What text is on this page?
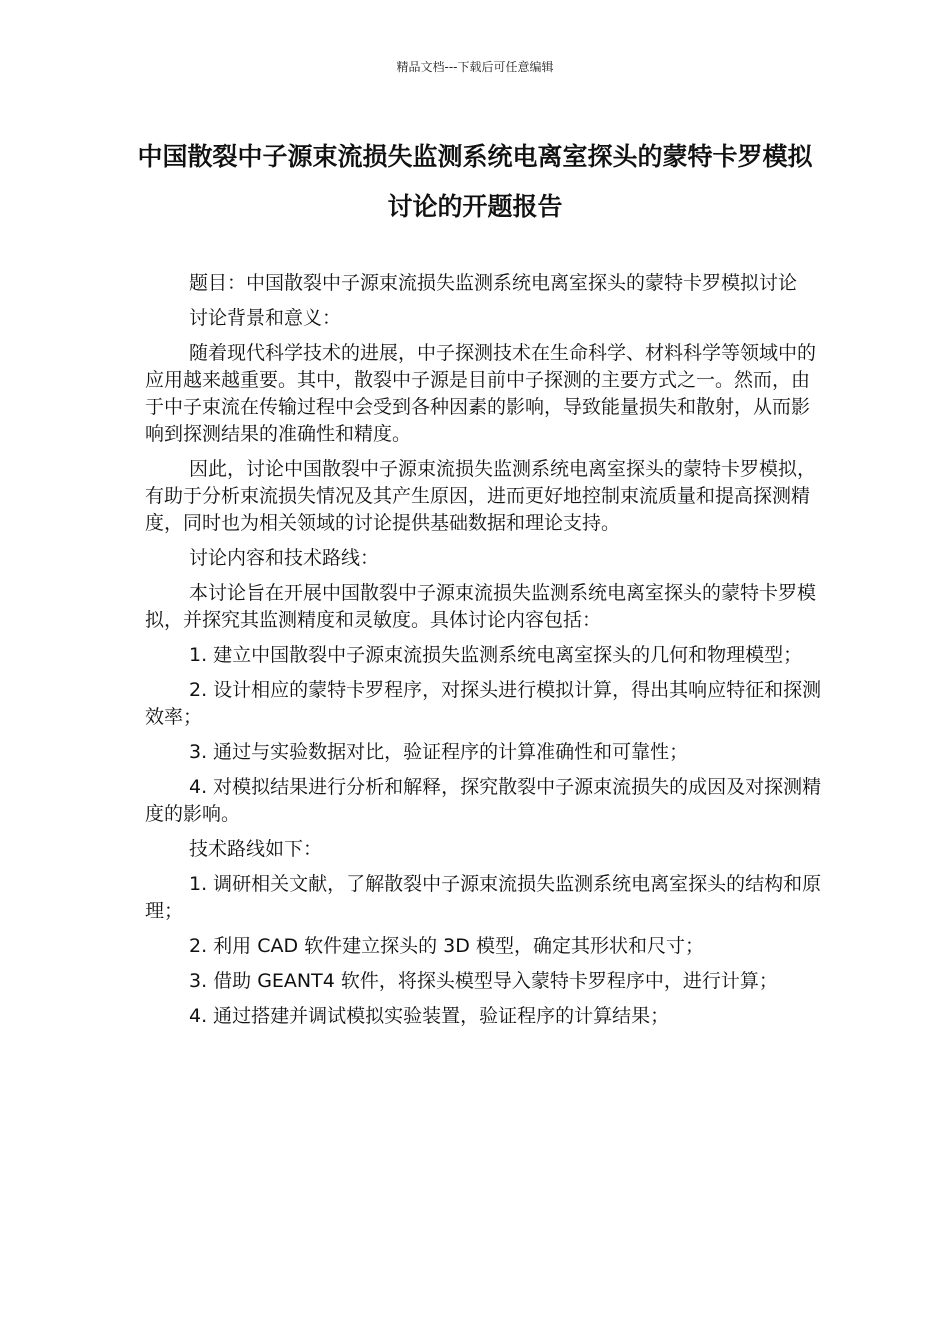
精品文档---下载后可任意编辑
中国散裂中子源束流损失监测系统电离室探头的蒙特卡罗模拟讨论的开题报告

题目：中国散裂中子源束流损失监测系统电离室探头的蒙特卡罗模拟讨论

讨论背景和意义：

随着现代科学技术的进展，中子探测技术在生命科学、材料科学等领域中的应用越来越重要。其中，散裂中子源是目前中子探测的主要方式之一。然而，由于中子束流在传输过程中会受到各种因素的影响，导致能量损失和散射，从而影响到探测结果的准确性和精度。

因此，讨论中国散裂中子源束流损失监测系统电离室探头的蒙特卡罗模拟，有助于分析束流损失情况及其产生原因，进而更好地控制束流质量和提高探测精度，同时也为相关领域的讨论提供基础数据和理论支持。

讨论内容和技术路线：

本讨论旨在开展中国散裂中子源束流损失监测系统电离室探头的蒙特卡罗模拟，并探究其监测精度和灵敏度。具体讨论内容包括：

1. 建立中国散裂中子源束流损失监测系统电离室探头的几何和物理模型；

2. 设计相应的蒙特卡罗程序，对探头进行模拟计算，得出其响应特征和探测效率；

3. 通过与实验数据对比，验证程序的计算准确性和可靠性；

4. 对模拟结果进行分析和解释，探究散裂中子源束流损失的成因及对探测精度的影响。

技术路线如下：

1. 调研相关文献，了解散裂中子源束流损失监测系统电离室探头的结构和原理；

2. 利用 CAD 软件建立探头的 3D 模型，确定其形状和尺寸；

3. 借助 GEANT4 软件，将探头模型导入蒙特卡罗程序中，进行计算；

4. 通过搭建并调试模拟实验装置，验证程序的计算结果；
